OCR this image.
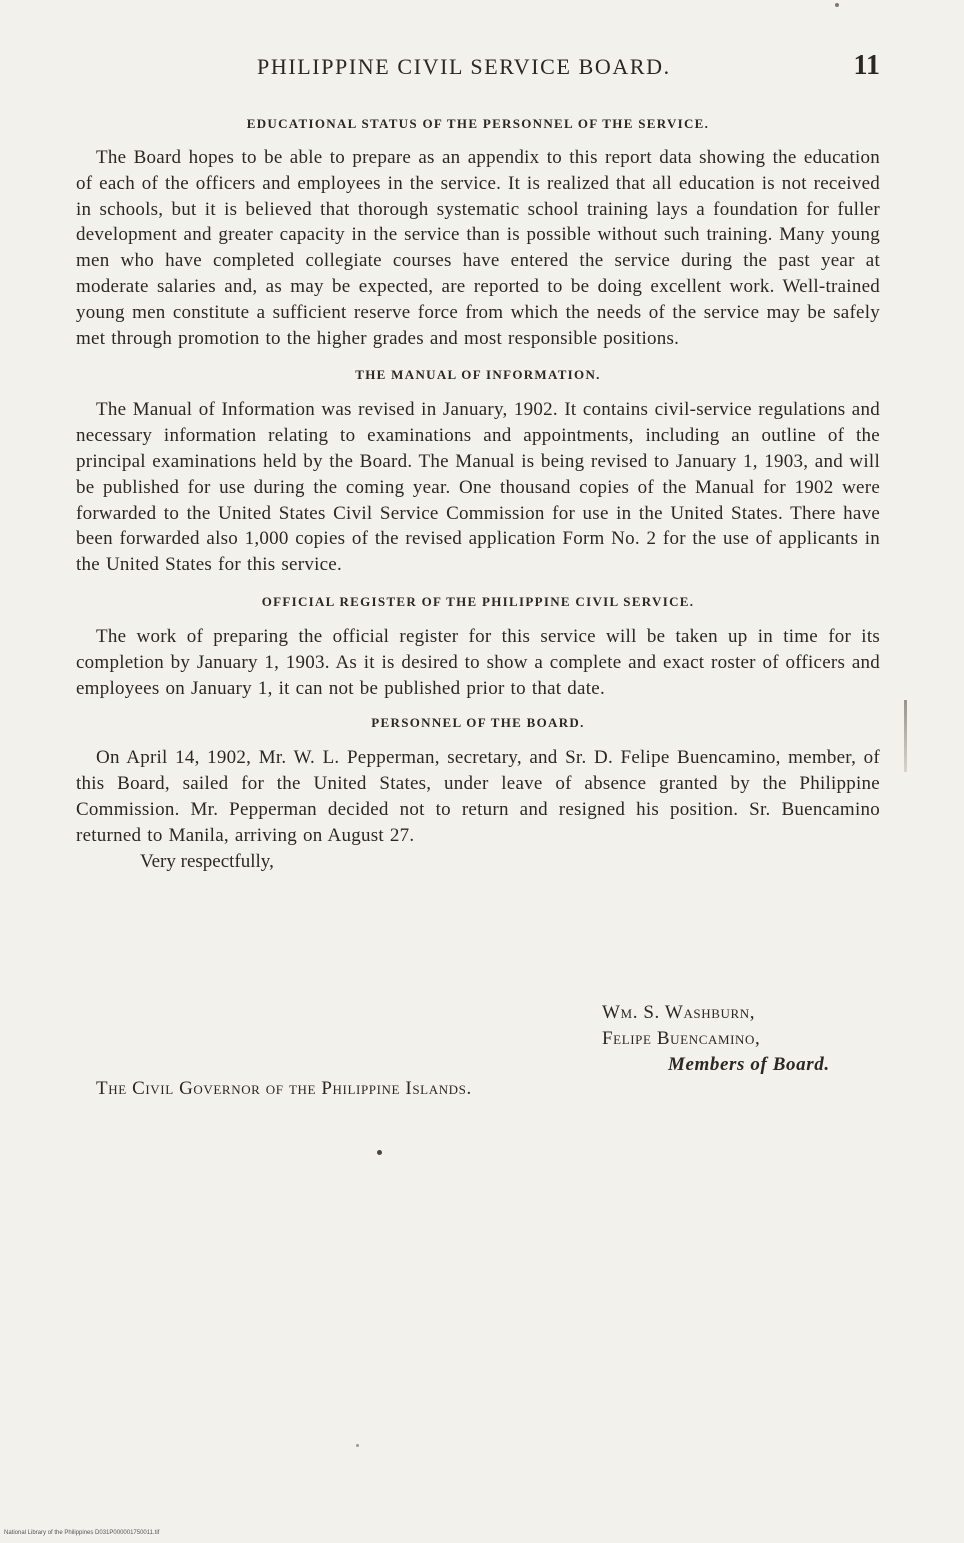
PHILIPPINE CIVIL SERVICE BOARD.	11
EDUCATIONAL STATUS OF THE PERSONNEL OF THE SERVICE.

The Board hopes to be able to prepare as an appendix to this report data showing the education of each of the officers and employees in the service. It is realized that all education is not received in schools, but it is believed that thorough systematic school training lays a foundation for fuller development and greater capacity in the service than is possible without such training. Many young men who have completed collegiate courses have entered the service during the past year at moderate salaries and, as may be expected, are reported to be doing excellent work. Well-trained young men constitute a sufficient reserve force from which the needs of the service may be safely met through promotion to the higher grades and most responsible positions.

THE MANUAL OF INFORMATION.

The Manual of Information was revised in January, 1902. It contains civil-service regulations and necessary information relating to examinations and appointments, including an outline of the principal examinations held by the Board. The Manual is being revised to January 1, 1903, and will be published for use during the coming year. One thousand copies of the Manual for 1902 were forwarded to the United States Civil Service Commission for use in the United States. There have been forwarded also 1,000 copies of the revised application Form No. 2 for the use of applicants in the United States for this service.

OFFICIAL REGISTER OF THE PHILIPPINE CIVIL SERVICE.

The work of preparing the official register for this service will be taken up in time for its completion by January 1, 1903. As it is desired to show a complete and exact roster of officers and employees on January 1, it can not be published prior to that date.

PERSONNEL OF THE BOARD.

On April 14, 1902, Mr. W. L. Pepperman, secretary, and Sr. D. Felipe Buencamino, member, of this Board, sailed for the United States, under leave of absence granted by the Philippine Commission. Mr. Pepperman decided not to return and resigned his position. Sr. Buencamino returned to Manila, arriving on August 27.

Very respectfully,

Wm. S. Washburn,
Felipe Buencamino,
Members of Board.
The Civil Governor of the Philippine Islands.
National Library of the Philippines D031P000001750011.tif
